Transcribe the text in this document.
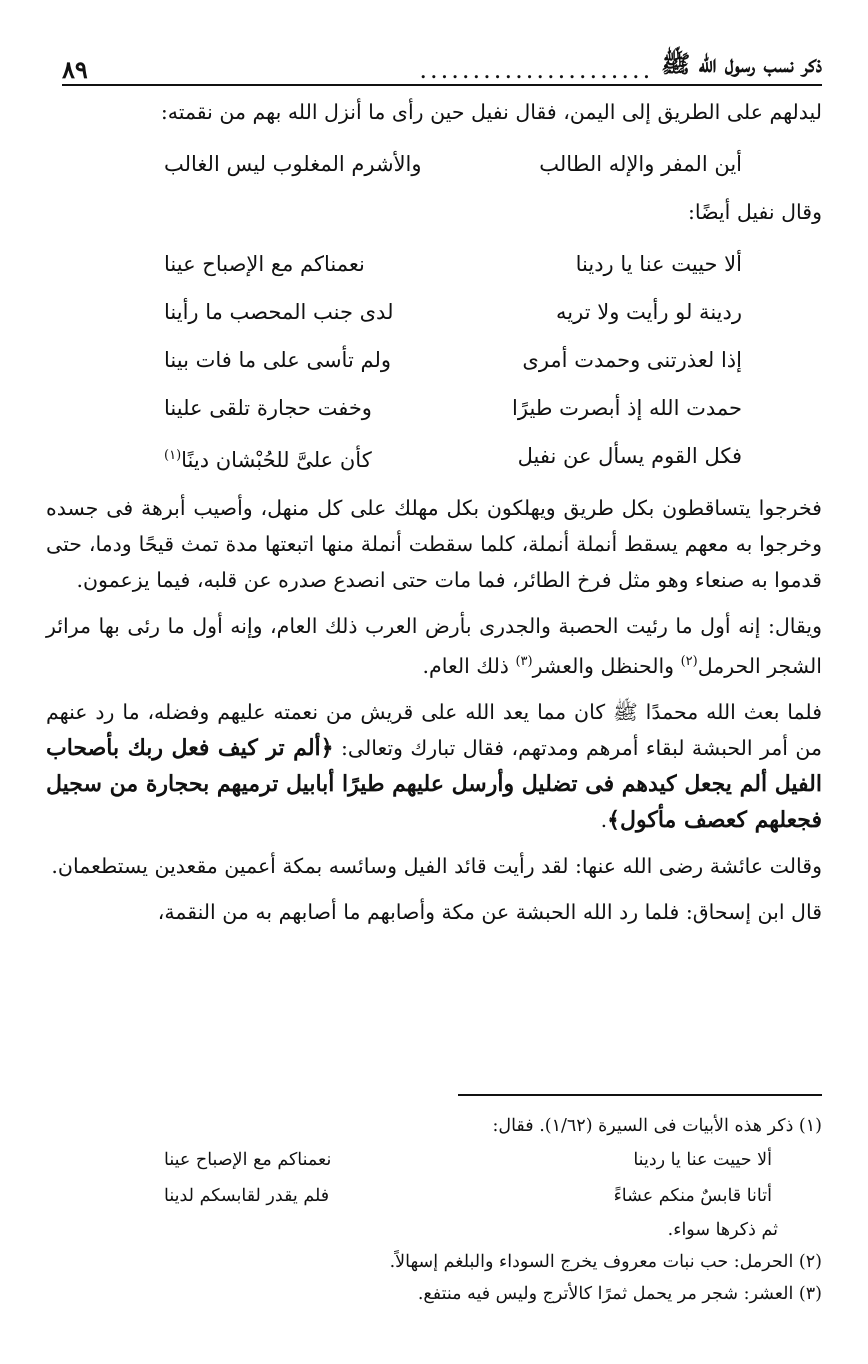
ذكر نسب رسول الله ﷺ
......................
٨٩

ليدلهم على الطريق إلى اليمن، فقال نفيل حين رأى ما أنزل الله بهم من نقمته:

أين المفر والإله الطالب
والأشرم المغلوب ليس الغالب

وقال نفيل أيضًا:

ألا حييت عنا يا ردينا
نعمناكم مع الإصباح عينا
ردينة لو رأيت ولا تريه
لدى جنب المحصب ما رأينا
إذا لعذرتنى وحمدت أمرى
ولم تأسى على ما فات بينا
حمدت الله إذ أبصرت طيرًا
وخفت حجارة تلقى علينا
فكل القوم يسأل عن نفيل
كأن علىَّ للحُبْشان دينًا$^{(١)}$

فخرجوا يتساقطون بكل طريق ويهلكون بكل مهلك على كل منهل، وأصيب أبرهة فى جسده وخرجوا به معهم يسقط أنملة أنملة، كلما سقطت أنملة منها اتبعتها مدة تمث قيحًا ودما، حتى قدموا به صنعاء وهو مثل فرخ الطائر، فما مات حتى انصدع صدره عن قلبه، فيما يزعمون.

ويقال: إنه أول ما رئيت الحصبة والجدرى بأرض العرب ذلك العام، وإنه أول ما رئى بها مرائر الشجر الحرمل$^{(٢)}$ والحنظل والعشر$^{(٣)}$ ذلك العام.

فلما بعث الله محمدًا ﷺ كان مما يعد الله على قريش من نعمته عليهم وفضله، ما رد عنهم من أمر الحبشة لبقاء أمرهم ومدتهم، فقال تبارك وتعالى: ﴿ألم تر كيف فعل ربك بأصحاب الفيل ألم يجعل كيدهم فى تضليل وأرسل عليهم طيرًا أبابيل ترميهم بحجارة من سجيل فجعلهم كعصف مأكول﴾.

وقالت عائشة رضى الله عنها: لقد رأيت قائد الفيل وسائسه بمكة أعمين مقعدين يستطعمان.

قال ابن إسحاق: فلما رد الله الحبشة عن مكة وأصابهم ما أصابهم به من النقمة،

(١) ذكر هذه الأبيات فى السيرة (١/٦٢). فقال:

ألا حييت عنا يا ردينا
نعمناكم مع الإصباح عينا
أتانا قابسٌ منكم عشاءً
فلم يقدر لقابسكم لدينا

ثم ذكرها سواء.

(٢) الحرمل: حب نبات معروف يخرج السوداء والبلغم إسهالاً.

(٣) العشر: شجر مر يحمل ثمرًا كالأترج وليس فيه منتفع.
